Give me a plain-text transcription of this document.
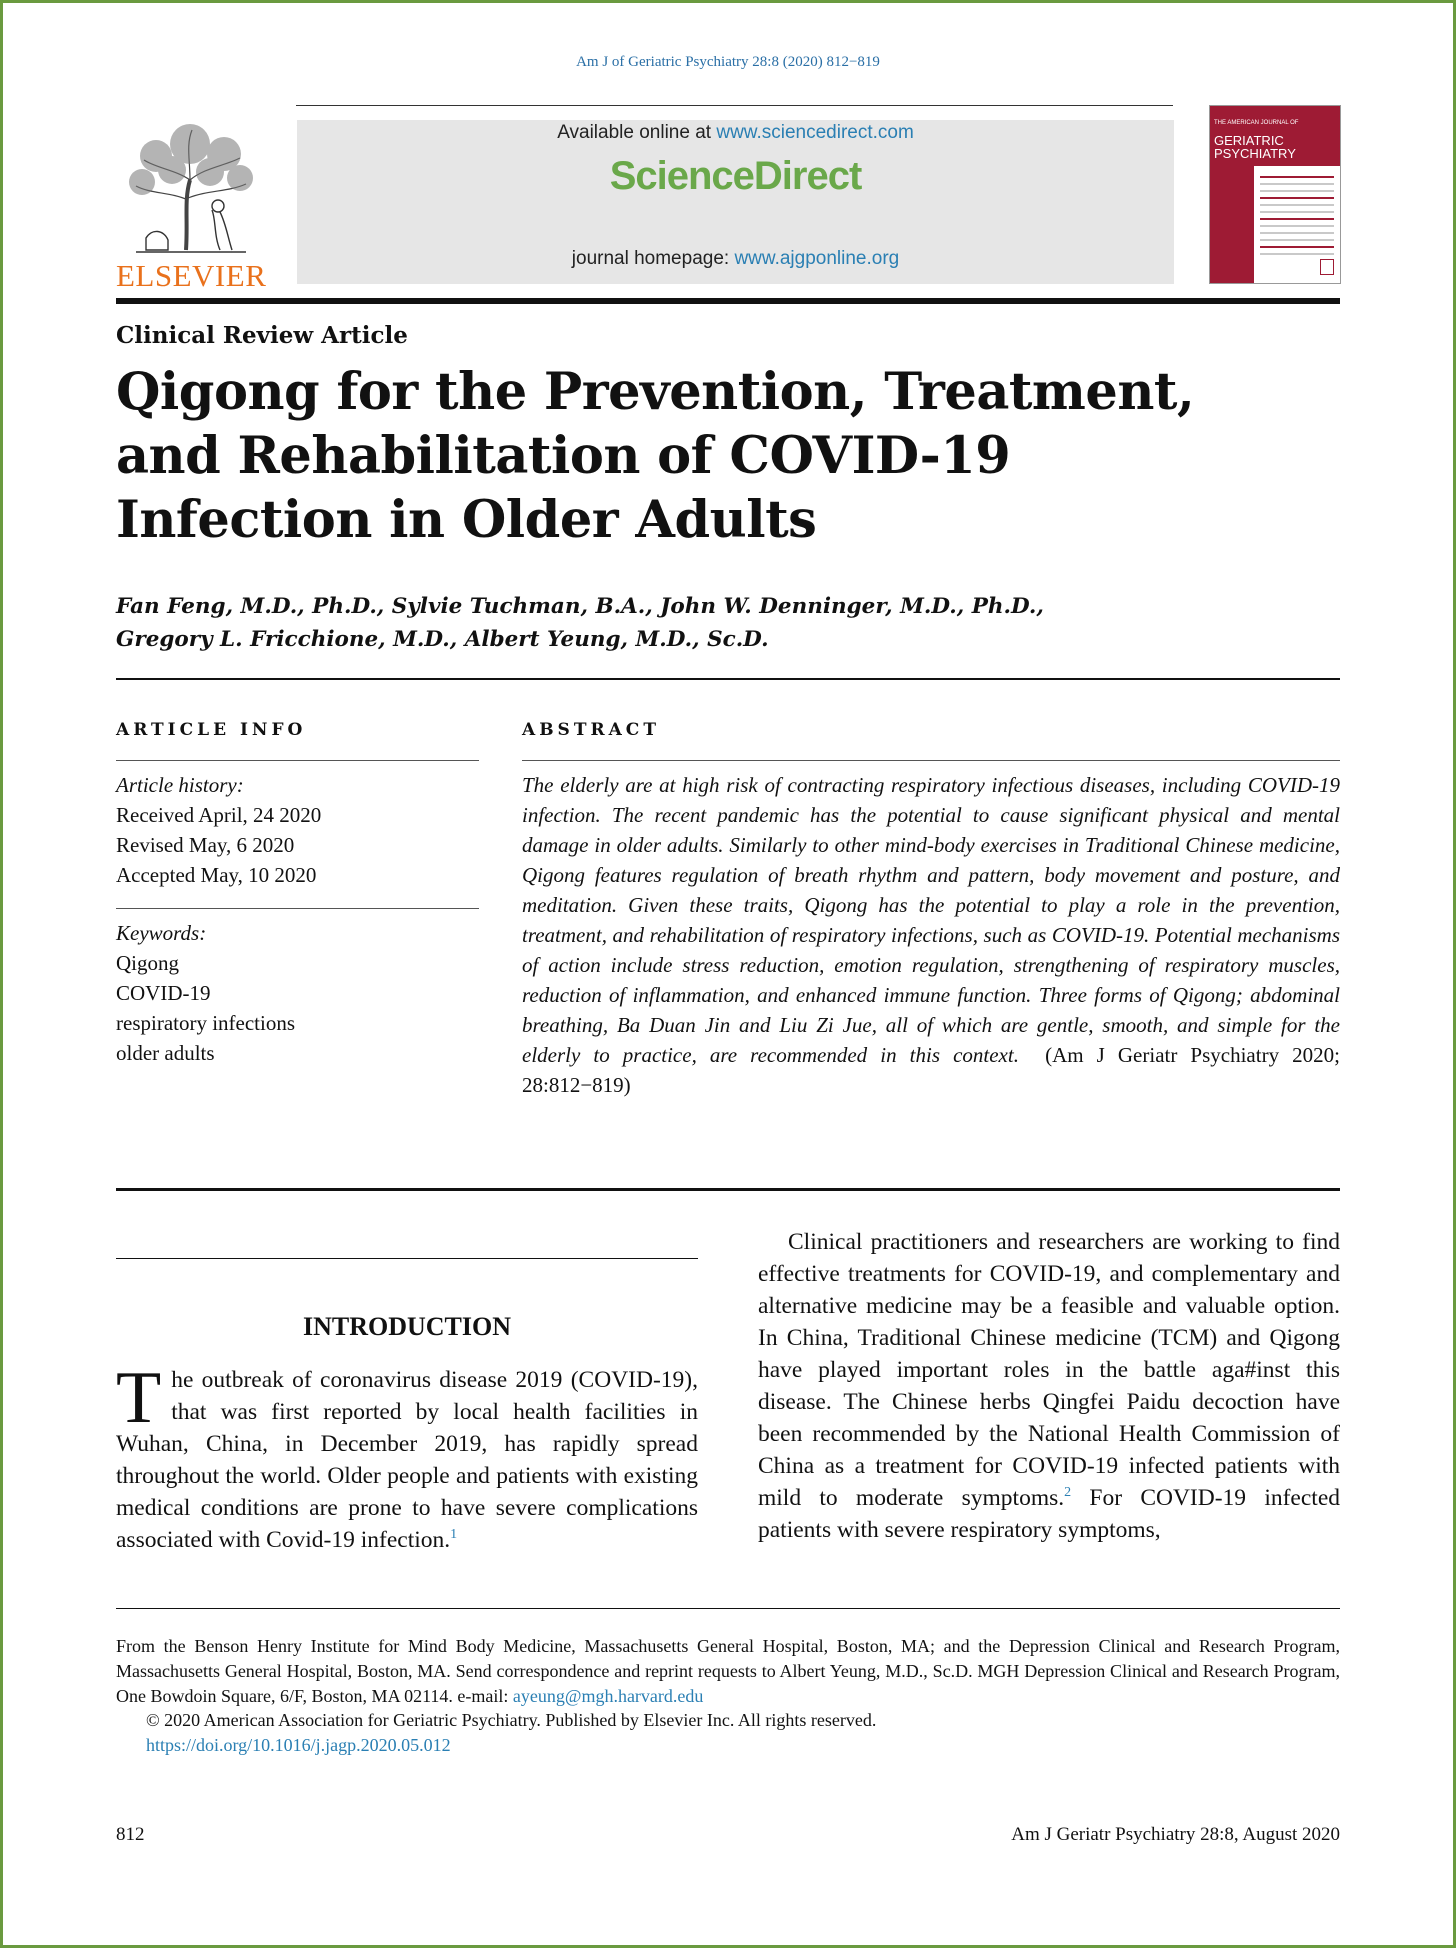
Am J of Geriatric Psychiatry 28:8 (2020) 812−819
ELSEVIER
Available online at www.sciencedirect.com
ScienceDirect
journal homepage: www.ajgponline.org
THE AMERICAN JOURNAL OF
GERIATRIC
PSYCHIATRY
Clinical Review Article
Qigong for the Prevention, Treatment, and Rehabilitation of COVID-19 Infection in Older Adults
Fan Feng, M.D., Ph.D., Sylvie Tuchman, B.A., John W. Denninger, M.D., Ph.D.,
Gregory L. Fricchione, M.D., Albert Yeung, M.D., Sc.D.
ARTICLE INFO	ABSTRACT
Article history:
Received April, 24 2020
Revised May, 6 2020
Accepted May, 10 2020
Keywords:
Qigong
COVID-19
respiratory infections
older adults
The elderly are at high risk of contracting respiratory infectious diseases, including COVID-19 infection. The recent pandemic has the potential to cause significant physical and mental damage in older adults. Similarly to other mind-body exercises in Traditional Chinese medicine, Qigong features regulation of breath rhythm and pattern, body movement and posture, and meditation. Given these traits, Qigong has the potential to play a role in the prevention, treatment, and rehabilitation of respiratory infections, such as COVID-19. Potential mechanisms of action include stress reduction, emotion regulation, strengthening of respiratory muscles, reduction of inflammation, and enhanced immune function. Three forms of Qigong; abdominal breathing, Ba Duan Jin and Liu Zi Jue, all of which are gentle, smooth, and simple for the elderly to practice, are recommended in this context. (Am J Geriatr Psychiatry 2020; 28:812−819)
INTRODUCTION
The outbreak of coronavirus disease 2019 (COVID-19), that was first reported by local health facilities in Wuhan, China, in December 2019, has rapidly spread throughout the world. Older people and patients with existing medical conditions are prone to have severe complications associated with Covid-19 infection.$^1$
Clinical practitioners and researchers are working to find effective treatments for COVID-19, and complementary and alternative medicine may be a feasible and valuable option. In China, Traditional Chinese medicine (TCM) and Qigong have played important roles in the battle aga#inst this disease. The Chinese herbs Qingfei Paidu decoction have been recommended by the National Health Commission of China as a treatment for COVID-19 infected patients with mild to moderate symptoms.$^2$ For COVID-19 infected patients with severe respiratory symptoms,
From the Benson Henry Institute for Mind Body Medicine, Massachusetts General Hospital, Boston, MA; and the Depression Clinical and Research Program, Massachusetts General Hospital, Boston, MA. Send correspondence and reprint requests to Albert Yeung, M.D., Sc.D. MGH Depression Clinical and Research Program, One Bowdoin Square, 6/F, Boston, MA 02114. e-mail: ayeung@mgh.harvard.edu
© 2020 American Association for Geriatric Psychiatry. Published by Elsevier Inc. All rights reserved.
https://doi.org/10.1016/j.jagp.2020.05.012
812	Am J Geriatr Psychiatry 28:8, August 2020
